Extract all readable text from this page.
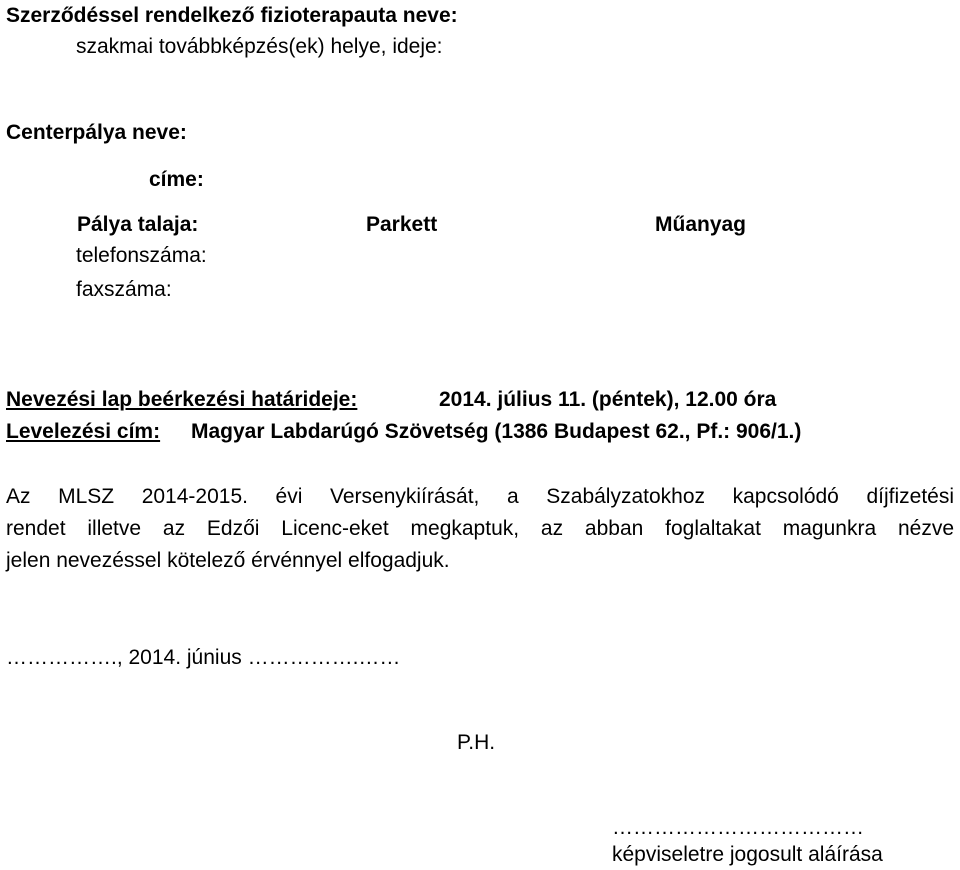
Szerződéssel rendelkező fizioterapauta neve:
szakmai továbbképzés(ek) helye, ideje:
Centerpálya neve:
címe:
Pálya talaja:	Parkett	Műanyag
telefonszáma:
faxszáma:
Nevezési lap beérkezési határideje:	2014. július 11. (péntek), 12.00 óra
Levelezési cím: Magyar Labdarúgó Szövetség (1386 Budapest 62., Pf.: 906/1.)
Az MLSZ 2014-2015. évi Versenykiírását, a Szabályzatokhoz kapcsolódó díjfizetési
rendet illetve az Edzői Licenc-eket megkaptuk, az abban foglaltakat magunkra nézve
jelen nevezéssel kötelező érvénnyel elfogadjuk.
……………., 2014. június …………….……
P.H.
………………………………
képviseletre jogosult aláírása
